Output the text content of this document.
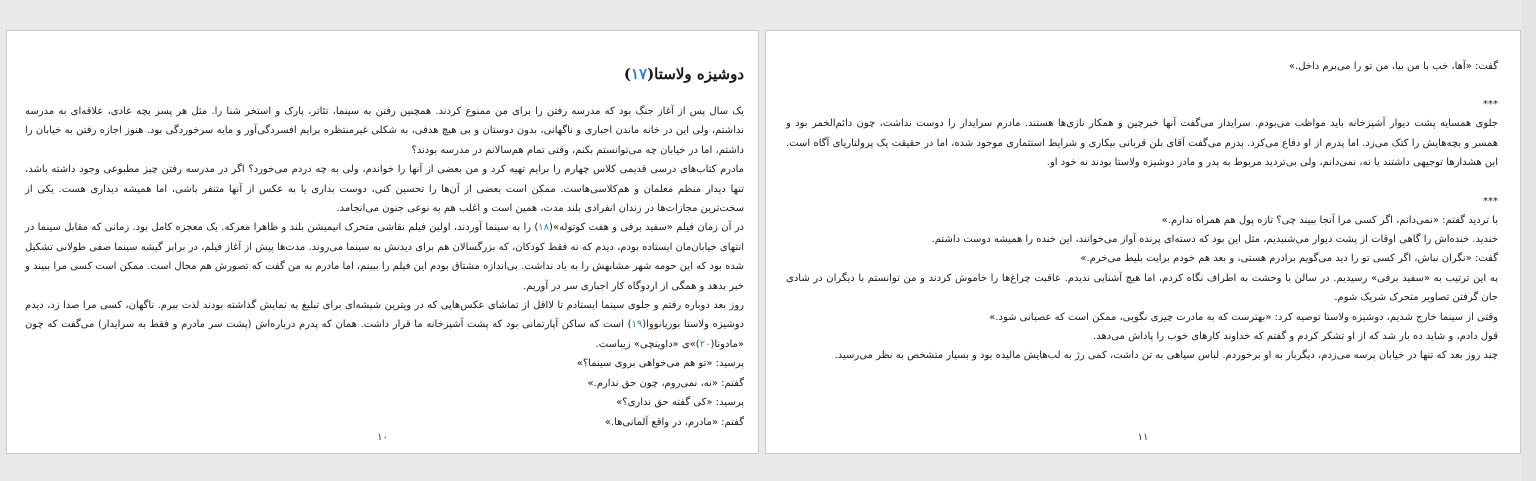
دوشیزه ولاستا(۱۷)

یک سال پس از آغاز جنگ بود که مدرسه رفتن را برای من ممنوع کردند. همچنین رفتن به سینما، تئاتر، پارک و استخر شنا را. مثل هر پسر بچه عادی، علاقه‌ای به مدرسه نداشتم، ولی این در خانه ماندن اجباری و ناگهانی، بدون دوستان و بی هیچ هدفی، به شکلی غیرمنتظره برایم افسردگی‌آور و مایه سرخوردگی بود. هنوز اجازه رفتن به خیابان را داشتم، اما در خیابان چه می‌توانستم بکنم، وقتی تمام هم‌سالانم در مدرسه بودند؟

مادرم کتاب‌های درسی قدیمی کلاس چهارم را برایم تهیه کرد و من بعضی از آنها را خواندم، ولی به چه دردم می‌خورد؟ اگر در مدرسه رفتن چیز مطبوعی وجود داشته باشد، تنها دیدار منظم معلمان و هم‌کلاسی‌هاست. ممکن است بعضی از آن‌ها را تحسین کنی، دوست بداری یا به عکس از آنها متنفر باشی، اما همیشه دیداری هست. یکی از سخت‌ترین مجازات‌ها در زندان انفرادی بلند مدت، همین است و اغلب هم به نوعی جنون می‌انجامد.

در آن زمان فیلم «سفید برفی و هفت کوتوله»(۱۸) را به سینما آوردند، اولین فیلم نقاشی متحرک انیمیشن بلند و ظاهرا معرکه. یک معجزه کامل بود. زمانی که مقابل سینما در انتهای خیابان‌مان ایستاده بودم، دیدم که نه فقط کودکان، که بزرگسالان هم برای دیدنش به سینما می‌روند. مدت‌ها پیش از آغاز فیلم، در برابر گیشه سینما صفی طولانی تشکیل شده بود که این حومه شهر مشابهش را به یاد نداشت. بی‌اندازه مشتاق بودم این فیلم را ببینم، اما مادرم به من گفت که تصورش هم محال است. ممکن است کسی مرا ببیند و خبر بدهد و همگی از اردوگاه کار اجباری سر در آوریم.

روز بعد دوباره رفتم و جلوی سینما ایستادم تا لااقل از تماشای عکس‌هایی که در ویترین شیشه‌ای برای تبلیغ به نمایش گذاشته بودند لذت ببرم. ناگهان، کسی مرا صدا زد، دیدم دوشیزه ولاستا بوریانووا(۱۹) است که ساکن آپارتمانی بود که پشت آشپزخانه ما قرار داشت. همان که پدرم درباره‌اش (پشت سر مادرم و فقط به سرایدار) می‌گفت که چون «مادونا(۲۰)»ی «داوینچی» زیباست.

پرسید: «تو هم می‌خواهی بروی سینما؟»

گفتم: «نه، نمی‌روم، چون حق ندارم.»

پرسید: «کی گفته حق نداری؟»

گفتم: «مادرم، در واقع آلمانی‌ها.»

۱۰

گفت: «آها، خب با من بیا، من تو را می‌برم داخل.»

***

جلوی همسایه پشت دیوار آشپزخانه باید مواظب می‌بودم. سرایدار می‌گفت آنها خبرچین و همکار نازی‌ها هستند. مادرم سرایدار را دوست نداشت، چون دائم‌الخمر بود و همسر و بچه‌هایش را کتک می‌زد. اما پدرم از او دفاع می‌کرد. پدرم می‌گفت آقای بلن قربانی بیکاری و شرایط استثماری موجود شده، اما در حقیقت یک پرولتاریای آگاه است. این هشدارها توجیهی داشتند یا نه، نمی‌دانم، ولی بی‌تردید مربوط به پدر و مادر دوشیزه ولاستا بودند نه خود او.

***

با تردید گفتم: «نمی‌دانم، اگر کسی مرا آنجا ببیند چی؟ تازه پول هم همراه ندارم.»

خندید. خنده‌اش را گاهی اوقات از پشت دیوار می‌شنیدیم، مثل این بود که دسته‌ای پرنده آواز می‌خوانند، این خنده را همیشه دوست داشتم.

گفت: «نگران نباش، اگر کسی تو را دید می‌گویم برادرم هستی، و بعد هم خودم برایت بلیط می‌خرم.»

به این ترتیب به «سفید برفی» رسیدیم. در سالن با وحشت به اطراف نگاه کردم، اما هیچ آشنایی ندیدم. عاقبت چراغ‌ها را خاموش کردند و من توانستم با دیگران در شادی جان گرفتن تصاویر متحرک شریک شوم.

وقتی از سینما خارج شدیم، دوشیزه ولاستا توصیه کرد: «بهترست که به مادرت چیزی نگویی، ممکن است که عصبانی شود.»

قول دادم، و شاید ده بار شد که از او تشکر کردم و گفتم که خداوند کارهای خوب را پاداش می‌دهد.

چند روز بعد که تنها در خیابان پرسه می‌زدم، دیگربار به او برخوردم. لباس سیاهی به تن داشت، کمی رژ به لب‌هایش مالیده بود و بسیار متشخص به نظر می‌رسید.

۱۱
